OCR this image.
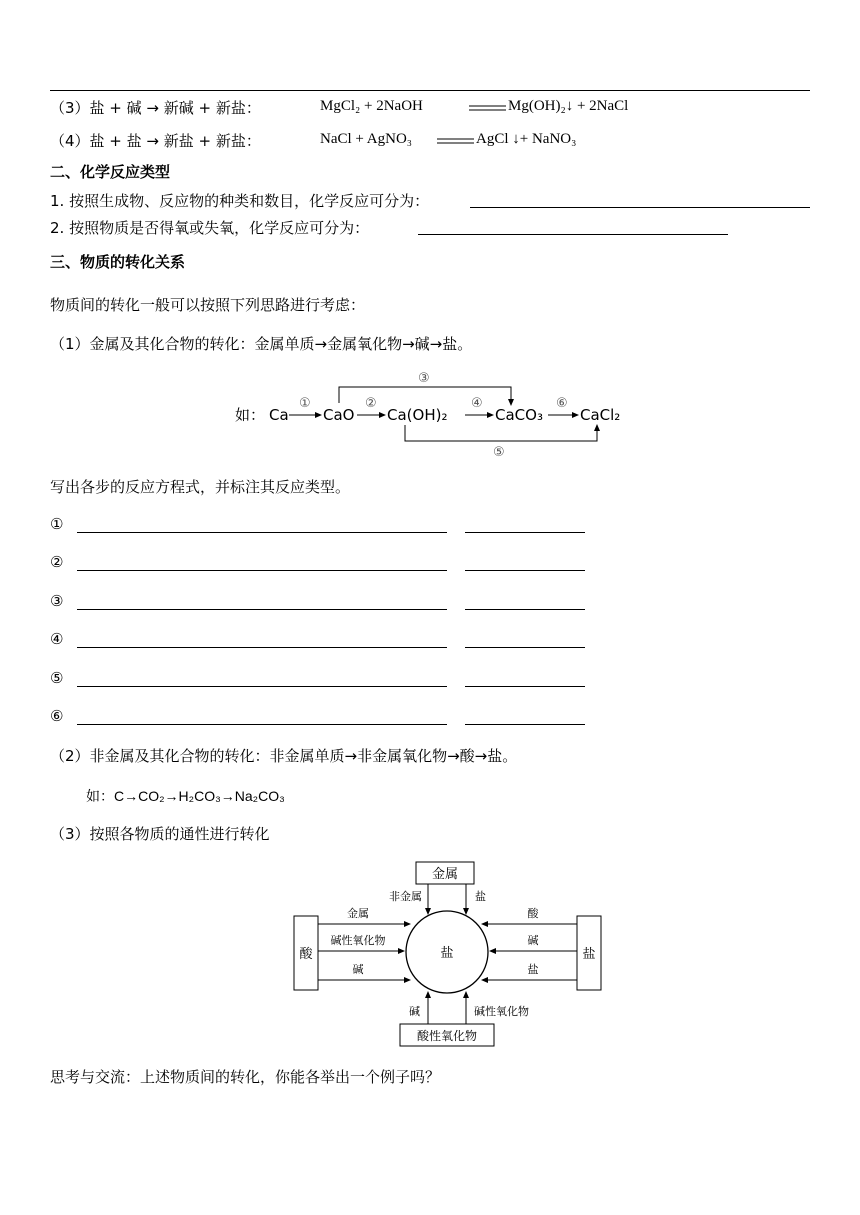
（3）盐 + 碱 → 新碱 + 新盐：	MgCl₂ + 2NaOH	Mg(OH)₂↓ + 2NaCl
（4）盐 + 盐 → 新盐 + 新盐：	NaCl + AgNO₃	AgCl ↓+ NaNO₃
二、化学反应类型
1. 按照生成物、反应物的种类和数目，化学反应可分为：
2. 按照物质是否得氧或失氧，化学反应可分为：
三、物质的转化关系
物质间的转化一般可以按照下列思路进行考虑：
（1）金属及其化合物的转化：金属单质→金属氧化物→碱→盐。
如： Ca CaO Ca(OH)₂	CaCO₃ CaCl₂
①	②
③
④
⑤
⑥
写出各步的反应方程式，并标注其反应类型。
①
②
③
④
⑤
⑥
（2）非金属及其化合物的转化：非金属单质→非金属氧化物→酸→盐。
如：C→CO₂→H₂CO₃→Na₂CO₃
（3）按照各物质的通性进行转化
盐
金属
酸	盐
酸性氧化物
非金属	盐
金属
碱性氧化物
碱
酸
碱
盐
碱	碱性氧化物
思考与交流：上述物质间的转化，你能各举出一个例子吗？
